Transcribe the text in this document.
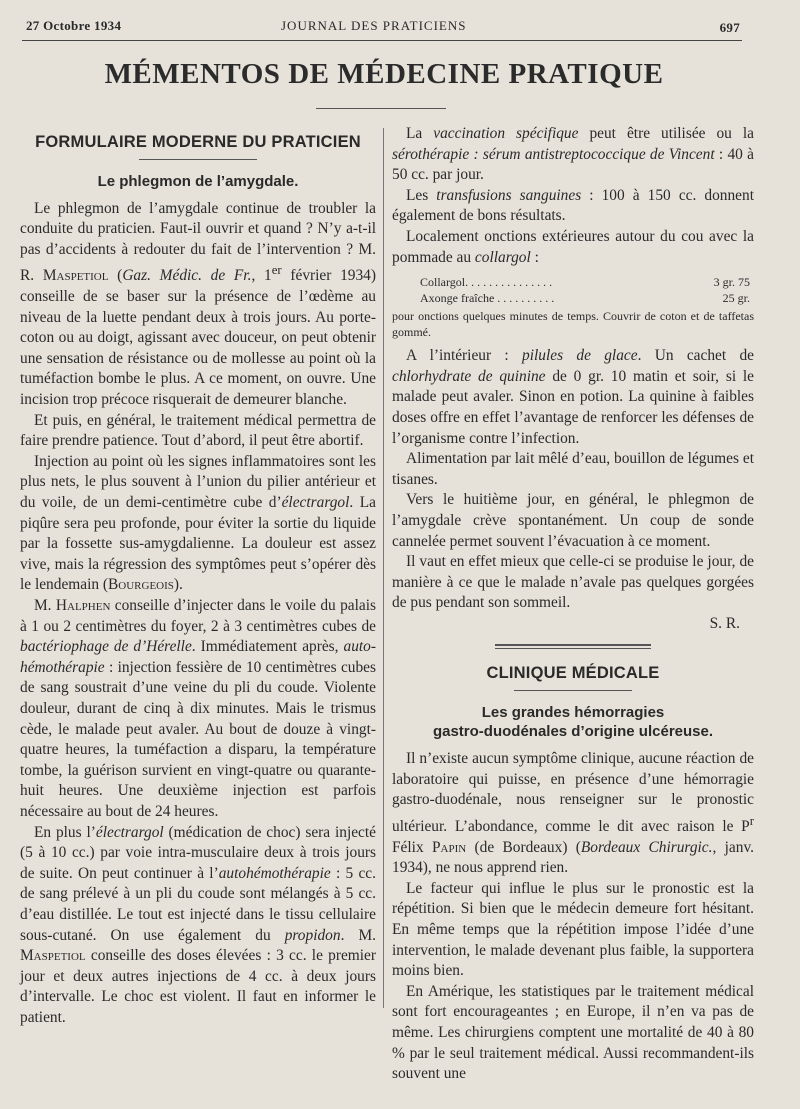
27 Octobre 1934	JOURNAL DES PRATICIENS	697
MÉMENTOS DE MÉDECINE PRATIQUE
FORMULAIRE MODERNE DU PRATICIEN
Le phlegmon de l’amygdale.

Le phlegmon de l’amygdale continue de troubler la conduite du praticien. Faut-il ouvrir et quand ? N’y a-t-il pas d’accidents à redouter du fait de l’intervention ? M. R. Maspetiol (Gaz. Médic. de Fr., 1er février 1934) conseille de se baser sur la présence de l’œdème au niveau de la luette pendant deux à trois jours. Au porte-coton ou au doigt, agissant avec douceur, on peut obtenir une sensation de résistance ou de mollesse au point où la tuméfaction bombe le plus. A ce moment, on ouvre. Une incision trop précoce risquerait de demeurer blanche.

Et puis, en général, le traitement médical permettra de faire prendre patience. Tout d’abord, il peut être abortif.

Injection au point où les signes inflammatoires sont les plus nets, le plus souvent à l’union du pilier antérieur et du voile, de un demi-centimètre cube d’électrargol. La piqûre sera peu profonde, pour éviter la sortie du liquide par la fossette sus-amygdalienne. La douleur est assez vive, mais la régression des symptômes peut s’opérer dès le lendemain (Bourgeois).

M. Halphen conseille d’injecter dans le voile du palais à 1 ou 2 centimètres du foyer, 2 à 3 centimètres cubes de bactériophage de d’Hérelle. Immédiatement après, auto-hémothérapie : injection fessière de 10 centimètres cubes de sang soustrait d’une veine du pli du coude. Violente douleur, durant de cinq à dix minutes. Mais le trismus cède, le malade peut avaler. Au bout de douze à vingt-quatre heures, la tuméfaction a disparu, la température tombe, la guérison survient en vingt-quatre ou quarante-huit heures. Une deuxième injection est parfois nécessaire au bout de 24 heures.

En plus l’électrargol (médication de choc) sera injecté (5 à 10 cc.) par voie intra-musculaire deux à trois jours de suite. On peut continuer à l’autohémothérapie : 5 cc. de sang prélevé à un pli du coude sont mélangés à 5 cc. d’eau distillée. Le tout est injecté dans le tissu cellulaire sous-cutané. On use également du propidon. M. Maspetiol conseille des doses élevées : 3 cc. le premier jour et deux autres injections de 4 cc. à deux jours d’intervalle. Le choc est violent. Il faut en informer le patient.

La vaccination spécifique peut être utilisée ou la sérothérapie : sérum antistreptococcique de Vincent : 40 à 50 cc. par jour.

Les transfusions sanguines : 100 à 150 cc. donnent également de bons résultats.

Localement onctions extérieures autour du cou avec la pommade au collargol :

Collargol. . . . . . . . . . . . . . .	3 gr. 75
Axonge fraîche . . . . . . . . . .	25 gr.

pour onctions quelques minutes de temps. Couvrir de coton et de taffetas gommé.

A l’intérieur : pilules de glace. Un cachet de chlorhydrate de quinine de 0 gr. 10 matin et soir, si le malade peut avaler. Sinon en potion. La quinine à faibles doses offre en effet l’avantage de renforcer les défenses de l’organisme contre l’infection.

Alimentation par lait mêlé d’eau, bouillon de légumes et tisanes.

Vers le huitième jour, en général, le phlegmon de l’amygdale crève spontanément. Un coup de sonde cannelée permet souvent l’évacuation à ce moment.

Il vaut en effet mieux que celle-ci se produise le jour, de manière à ce que le malade n’avale pas quelques gorgées de pus pendant son sommeil.

S. R.

CLINIQUE MÉDICALE
Les grandes hémorragies
gastro-duodénales d’origine ulcéreuse.

Il n’existe aucun symptôme clinique, aucune réaction de laboratoire qui puisse, en présence d’une hémorragie gastro-duodénale, nous renseigner sur le pronostic ultérieur. L’abondance, comme le dit avec raison le $P^r$ Félix Papin (de Bordeaux) (Bordeaux Chirurgic., janv. 1934), ne nous apprend rien.

Le facteur qui influe le plus sur le pronostic est la répétition. Si bien que le médecin demeure fort hésitant. En même temps que la répétition impose l’idée d’une intervention, le malade devenant plus faible, la supportera moins bien.

En Amérique, les statistiques par le traitement médical sont fort encourageantes ; en Europe, il n’en va pas de même. Les chirurgiens comptent une mortalité de 40 à 80 % par le seul traitement médical. Aussi recommandent-ils souvent une
